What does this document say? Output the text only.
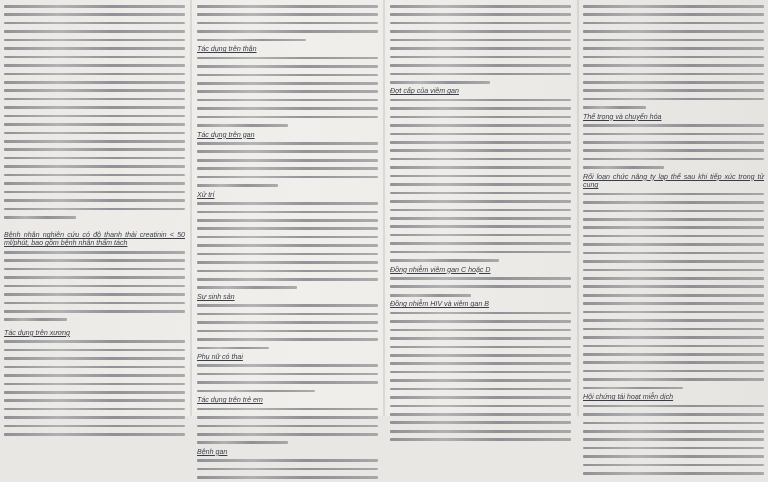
Bệnh nhân nghiên cứu có độ thanh thải creatinin < 50 ml/phút, bao gồm bệnh nhân thẩm tách
Tác dụng trên xương
Tác dụng trên thận
Tác dụng trên gan
Xử trí
Sự sinh sản
Phụ nữ có thai
Tác dụng trên trẻ em
Bệnh gan
Đợt cấp của viêm gan
Đồng nhiễm viêm gan C hoặc D
Đồng nhiễm HIV và viêm gan B
Thể trọng và chuyển hóa
Rối loạn chức năng ty lạp thể sau khi tiếp xúc trong tử cung
Hội chứng tái hoạt miễn dịch
